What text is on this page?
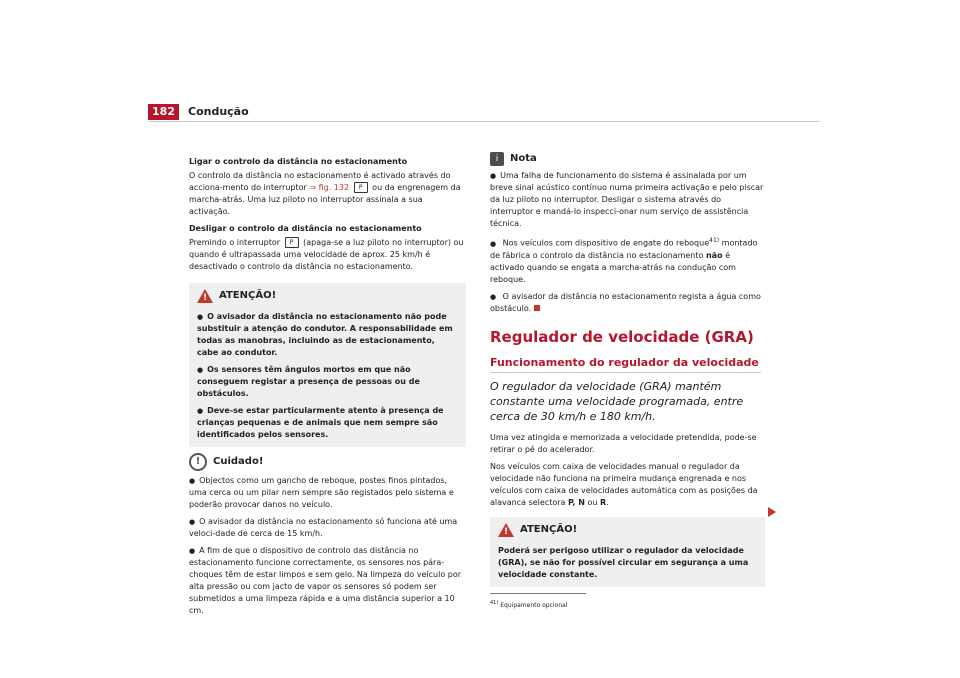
182	Condução

Ligar o controlo da distância no estacionamento

O controlo da distância no estacionamento é activado através do acciona-mento do interruptor ⇒ fig. 132 P ou da engrenagem da marcha-atrás. Uma luz piloto no interruptor assinala a sua activação.

Desligar o controlo da distância no estacionamento

Premindo o interruptor P (apaga-se a luz piloto no interruptor) ou quando é ultrapassada uma velocidade de aprox. 25 km/h é desactivado o controlo da distância no estacionamento.

! ATENÇÃO!

● O avisador da distância no estacionamento não pode substituir a atenção do condutor. A responsabilidade em todas as manobras, incluindo as de estacionamento, cabe ao condutor.

● Os sensores têm ângulos mortos em que não conseguem registar a presença de pessoas ou de obstáculos.

● Deve-se estar particularmente atento à presença de crianças pequenas e de animais que nem sempre são identificados pelos sensores.

!	Cuidado!

● Objectos como um gancho de reboque, postes finos pintados, uma cerca ou um pilar nem sempre são registados pelo sistema e poderão provocar danos no veículo.

● O avisador da distância no estacionamento só funciona até uma veloci-dade de cerca de 15 km/h.

● A fim de que o dispositivo de controlo das distância no estacionamento funcione correctamente, os sensores nos pára-choques têm de estar limpos e sem gelo. Na limpeza do veículo por alta pressão ou com jacto de vapor os sensores só podem ser submetidos a uma limpeza rápida e a uma distância superior a 10 cm.

i	Nota

● Uma falha de funcionamento do sistema é assinalada por um breve sinal acústico contínuo numa primeira activação e pelo piscar da luz piloto no interruptor. Desligar o sistema através do interruptor e mandá-lo inspecci-onar num serviço de assistência técnica.

● Nos veículos com dispositivo de engate do reboque$^{41)}$ montado de fábrica o controlo da distância no estacionamento não é activado quando se engata a marcha-atrás na condução com reboque.

● O avisador da distância no estacionamento regista a água como obstáculo.

Regulador de velocidade (GRA)
Funcionamento do regulador da velocidade
O regulador da velocidade (GRA) mantém constante uma velocidade programada, entre cerca de 30 km/h e 180 km/h.

Uma vez atingida e memorizada a velocidade pretendida, pode-se retirar o pé do acelerador.

Nos veículos com caixa de velocidades manual o regulador da velocidade não funciona na primeira mudança engrenada e nos veículos com caixa de velocidades automática com as posições da alavanca selectora P, N ou R.

! ATENÇÃO!

Poderá ser perigoso utilizar o regulador da velocidade (GRA), se não for possível circular em segurança a uma velocidade constante.

$^{41)}$ Equipamento opcional
